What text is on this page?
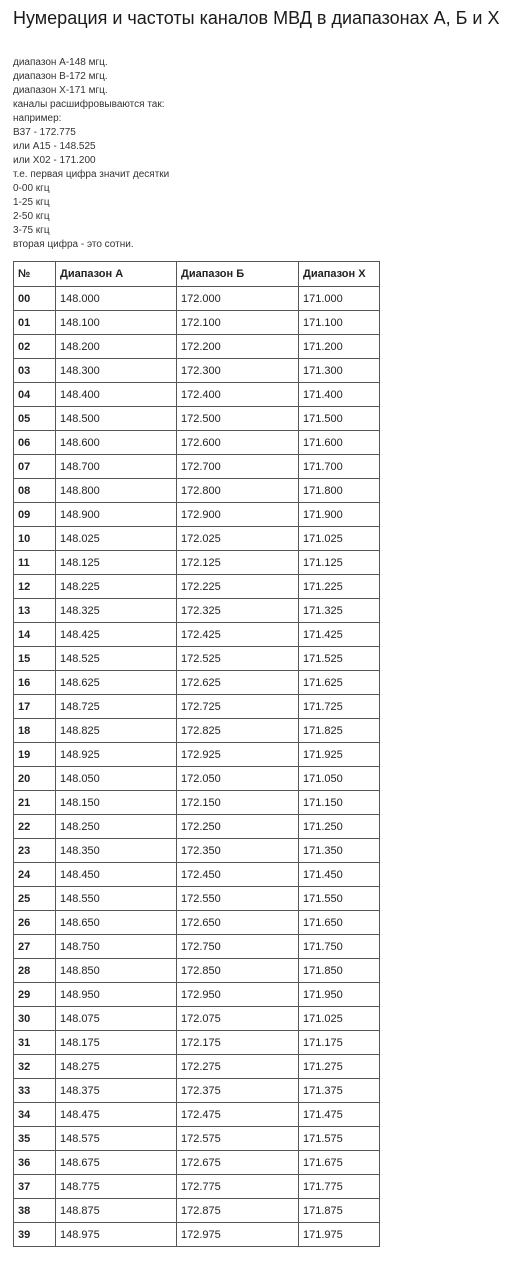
Нумерация и частоты каналов МВД в диапазонах А, Б и Х
диапазон А-148 мгц.
диапазон В-172 мгц.
диапазон Х-171 мгц.
каналы расшифровываются так:
например:
В37 - 172.775
или А15 - 148.525
или Х02 - 171.200
т.е. первая цифра значит десятки
0-00 кгц
1-25 кгц
2-50 кгц
3-75 кгц
вторая цифра - это сотни.
№	Диапазон А	Диапазон Б	Диапазон Х
00	148.000	172.000	171.000
01	148.100	172.100	171.100
02	148.200	172.200	171.200
03	148.300	172.300	171.300
04	148.400	172.400	171.400
05	148.500	172.500	171.500
06	148.600	172.600	171.600
07	148.700	172.700	171.700
08	148.800	172.800	171.800
09	148.900	172.900	171.900
10	148.025	172.025	171.025
11	148.125	172.125	171.125
12	148.225	172.225	171.225
13	148.325	172.325	171.325
14	148.425	172.425	171.425
15	148.525	172.525	171.525
16	148.625	172.625	171.625
17	148.725	172.725	171.725
18	148.825	172.825	171.825
19	148.925	172.925	171.925
20	148.050	172.050	171.050
21	148.150	172.150	171.150
22	148.250	172.250	171.250
23	148.350	172.350	171.350
24	148.450	172.450	171.450
25	148.550	172.550	171.550
26	148.650	172.650	171.650
27	148.750	172.750	171.750
28	148.850	172.850	171.850
29	148.950	172.950	171.950
30	148.075	172.075	171.025
31	148.175	172.175	171.175
32	148.275	172.275	171.275
33	148.375	172.375	171.375
34	148.475	172.475	171.475
35	148.575	172.575	171.575
36	148.675	172.675	171.675
37	148.775	172.775	171.775
38	148.875	172.875	171.875
39	148.975	172.975	171.975
